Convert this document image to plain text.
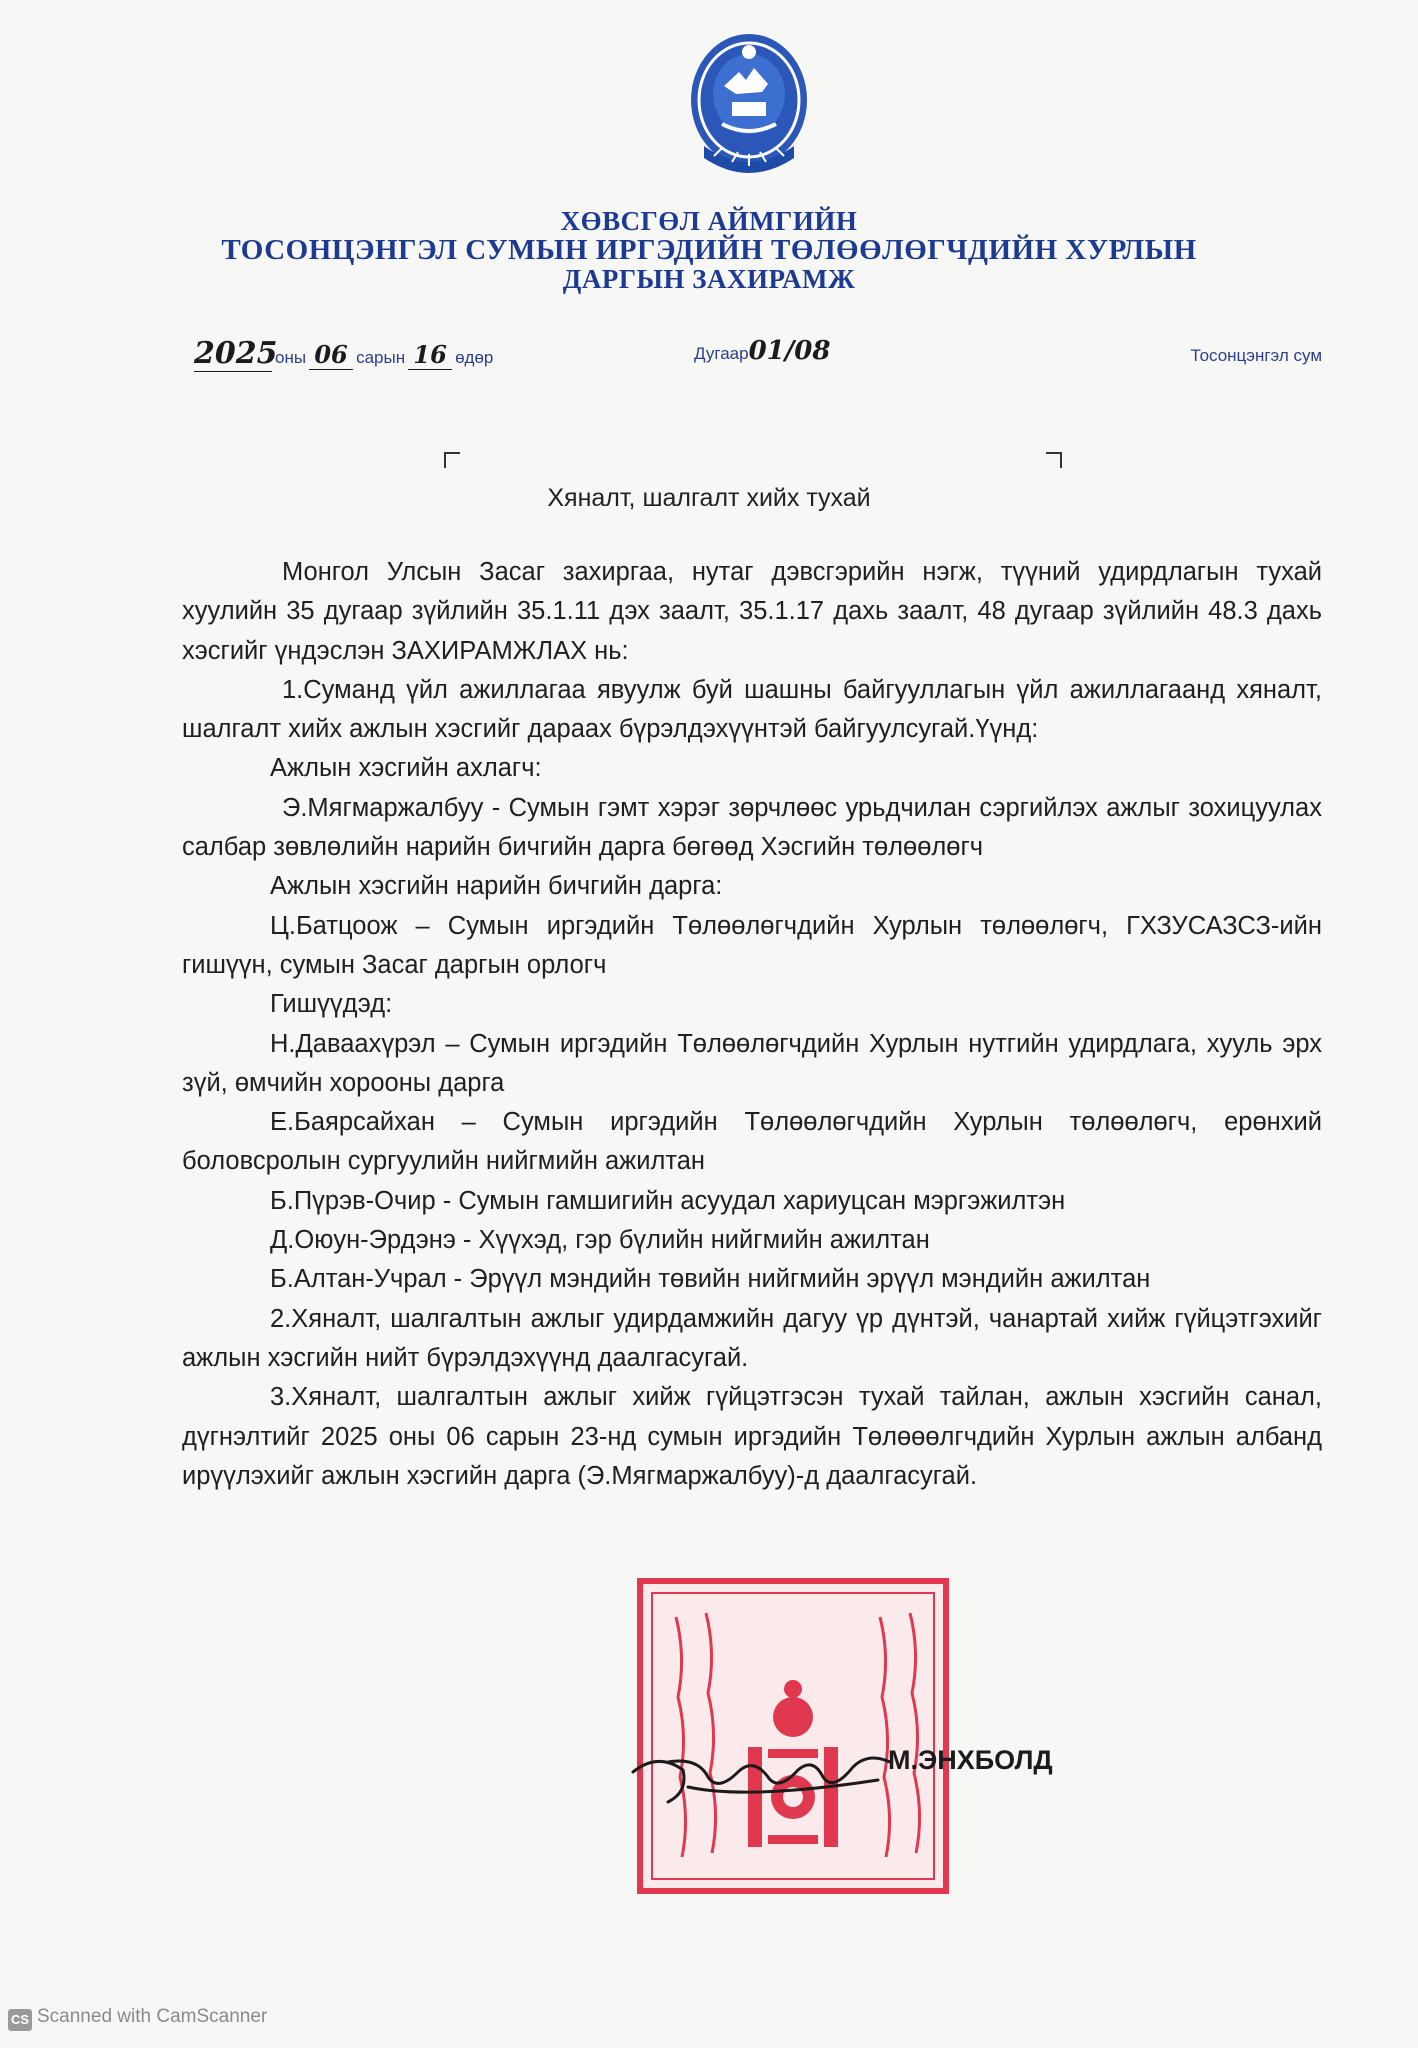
ХӨВСГӨЛ АЙМГИЙН
ТОСОНЦЭНГЭЛ СУМЫН ИРГЭДИЙН ТӨЛӨӨЛӨГЧДИЙН ХУРЛЫН
ДАРГЫН ЗАХИРАМЖ
2025оны 06 сарын 16 өдөр	Дугаар01/08	Тосонцэнгэл сум
Хяналт, шалгалт хийх тухай

Монгол Улсын Засаг захиргаа, нутаг дэвсгэрийн нэгж, түүний удирдлагын тухай хуулийн 35 дугаар зүйлийн 35.1.11 дэх заалт, 35.1.17 дахь заалт, 48 дугаар зүйлийн 48.3 дахь хэсгийг үндэслэн ЗАХИРАМЖЛАХ нь:

1.Суманд үйл ажиллагаа явуулж буй шашны байгууллагын үйл ажиллагаанд хяналт, шалгалт хийх ажлын хэсгийг дараах бүрэлдэхүүнтэй байгуулсугай.Үүнд:

Ажлын хэсгийн ахлагч:

Э.Мягмаржалбуу - Сумын гэмт хэрэг зөрчлөөс урьдчилан сэргийлэх ажлыг зохицуулах салбар зөвлөлийн нарийн бичгийн дарга бөгөөд Хэсгийн төлөөлөгч

Ажлын хэсгийн нарийн бичгийн дарга:

Ц.Батцоож – Сумын иргэдийн Төлөөлөгчдийн Хурлын төлөөлөгч, ГХЗУСАЗСЗ-ийн гишүүн, сумын Засаг даргын орлогч

Гишүүдэд:

Н.Даваахүрэл – Сумын иргэдийн Төлөөлөгчдийн Хурлын нутгийн удирдлага, хууль эрх зүй, өмчийн хорооны дарга

Е.Баярсайхан – Сумын иргэдийн Төлөөлөгчдийн Хурлын төлөөлөгч, ерөнхий боловсролын сургуулийн нийгмийн ажилтан

Б.Пүрэв-Очир - Сумын гамшигийн асуудал хариуцсан мэргэжилтэн

Д.Оюун-Эрдэнэ - Хүүхэд, гэр бүлийн нийгмийн ажилтан

Б.Алтан-Учрал - Эрүүл мэндийн төвийн нийгмийн эрүүл мэндийн ажилтан

2.Хяналт, шалгалтын ажлыг удирдамжийн дагуу үр дүнтэй, чанартай хийж гүйцэтгэхийг ажлын хэсгийн нийт бүрэлдэхүүнд даалгасугай.

3.Хяналт, шалгалтын ажлыг хийж гүйцэтгэсэн тухай тайлан, ажлын хэсгийн санал, дүгнэлтийг 2025 оны 06 сарын 23-нд сумын иргэдийн Төлөөөлгчдийн Хурлын ажлын албанд ирүүлэхийг ажлын хэсгийн дарга (Э.Мягмаржалбуу)-д даалгасугай.

М.ЭНХБОЛД
CS Scanned with CamScanner
